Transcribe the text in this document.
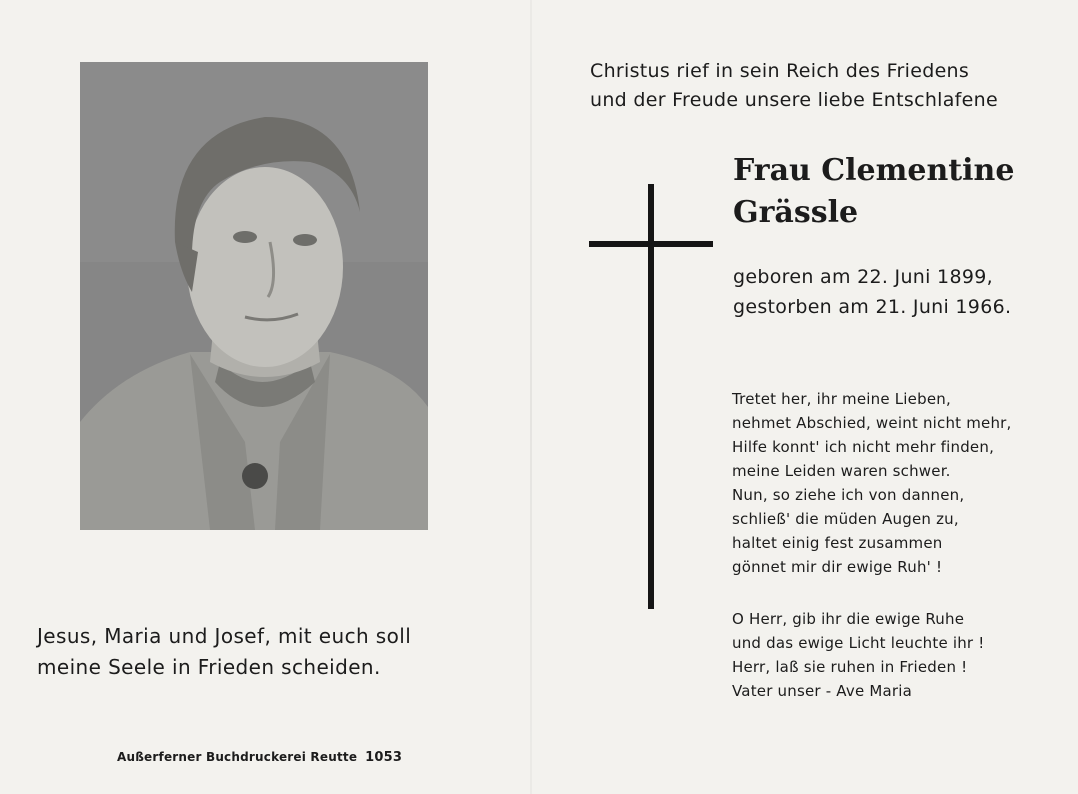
Jesus, Maria und Josef, mit euch soll
meine Seele in Frieden scheiden.
Außerferner Buchdruckerei Reutte 1053
Christus rief in sein Reich des Friedens
und der Freude unsere liebe Entschlafene
Frau Clementine
Grässle
geboren am 22. Juni 1899,
gestorben am 21. Juni 1966.
Tretet her, ihr meine Lieben,
nehmet Abschied, weint nicht mehr,
Hilfe konnt' ich nicht mehr finden,
meine Leiden waren schwer.
Nun, so ziehe ich von dannen,
schließ' die müden Augen zu,
haltet einig fest zusammen
gönnet mir dir ewige Ruh' !
O Herr, gib ihr die ewige Ruhe
und das ewige Licht leuchte ihr !
Herr, laß sie ruhen in Frieden !
Vater unser - Ave Maria
